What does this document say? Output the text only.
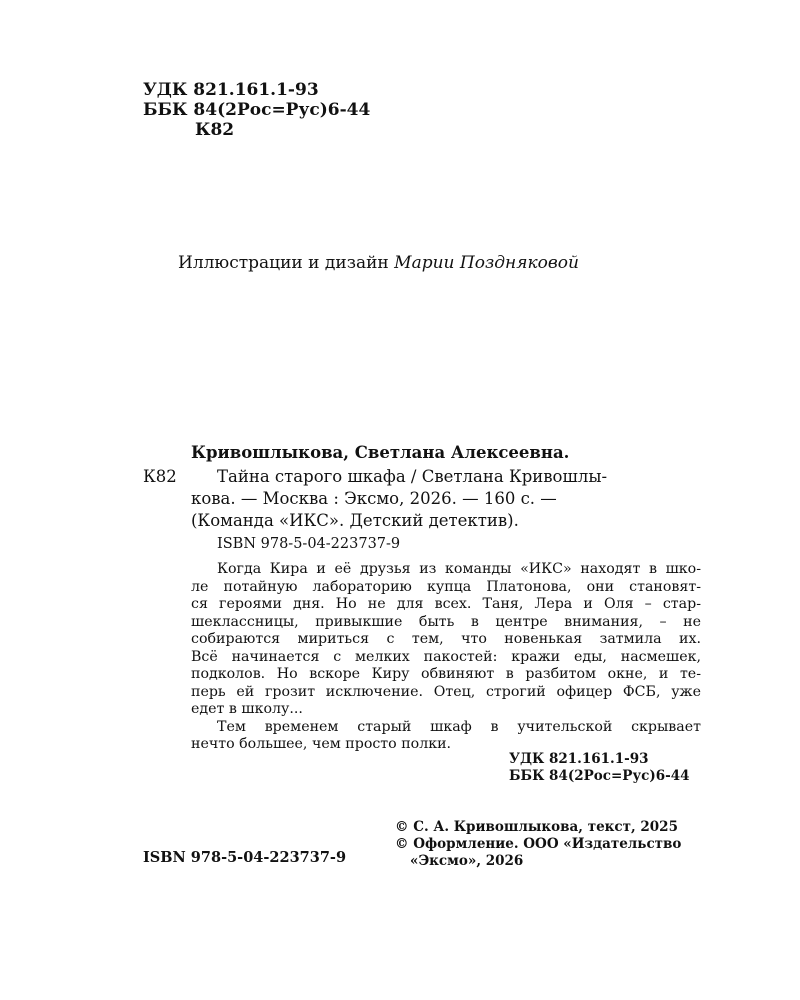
УДК 821.161.1-93
ББК 84(2Рос=Рус)6-44
К82
Иллюстрации и дизайн Марии Поздняковой
Кривошлыкова, Светлана Алексеевна.
К82	Тайна старого шкафа / Светлана Кривошлы-
кова. — Москва : Эксмо, 2026. — 160 с. —
(Команда «ИКС». Детский детектив).
ISBN 978-5-04-223737-9

Когда Кира и её друзья из команды «ИКС» находят в шко-
ле потайную лабораторию купца Платонова, они становят-
ся героями дня. Но не для всех. Таня, Лера и Оля – стар-
шеклассницы, привыкшие быть в центре внимания, – не
собираются мириться с тем, что новенькая затмила их.
Всё начинается с мелких пакостей: кражи еды, насмешек,
подколов. Но вскоре Киру обвиняют в разбитом окне, и те-
перь ей грозит исключение. Отец, строгий офицер ФСБ, уже
едет в школу...

Тем временем старый шкаф в учительской скрывает
нечто большее, чем просто полки.

УДК 821.161.1-93
ББК 84(2Рос=Рус)6-44
© С. А. Кривошлыкова, текст, 2025
© Оформление. ООО «Издательство
«Эксмо», 2026
ISBN 978-5-04-223737-9
